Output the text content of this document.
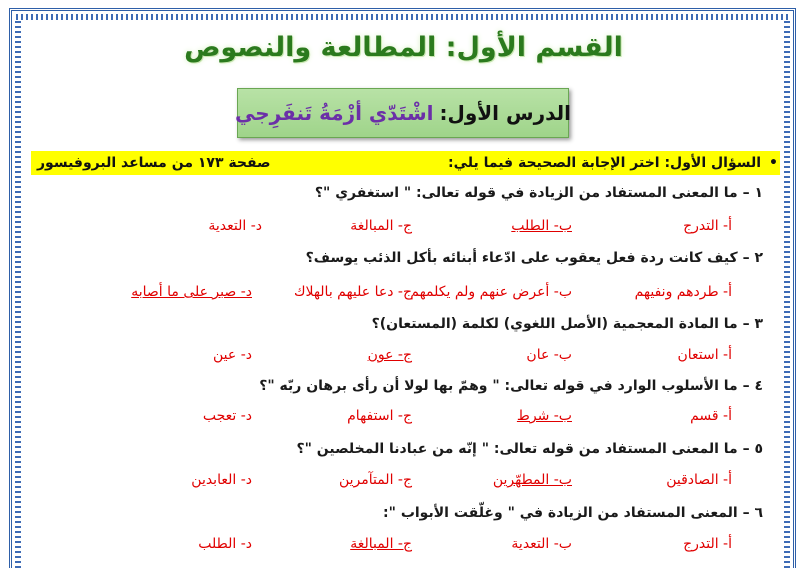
القسم الأول: المطالعة والنصوص
الدرس الأول:
اشْتَدّي أزْمَةُ تَنفَرِجي
•
السؤال الأول: اختر الإجابة الصحيحة فيما يلي:
صفحة ١٧٣ من مساعد البروفيسور
١ – ما المعنى المستفاد من الزيادة في قوله تعالى: " استغفري "؟
أ- التدرج
ب- الطلب
ج- المبالغة
د- التعدية
٢ – كيف كانت ردة فعل يعقوب على ادّعاء أبنائه بأكل الذئب يوسف؟
أ- طردهم ونفيهم
ب- أعرض عنهم ولم يكلمهم
ج- دعا عليهم بالهلاك
د- صبر على ما أصابه
٣ – ما المادة المعجمية (الأصل اللغوي) لكلمة (المستعان)؟
أ- استعان
ب- عان
ج- عون
د- عين
٤ – ما الأسلوب الوارد في قوله تعالى: " وهمّ بها لولا أن رأى برهان ربّه "؟
أ- قسم
ب- شرط
ج- استفهام
د- تعجب
٥ – ما المعنى المستفاد من قوله تعالى: " إنّه من عبادنا المخلصين "؟
أ- الصادقين
ب- المطهّرين
ج- المتآمرين
د- العابدين
٦ – المعنى المستفاد من الزيادة في " وغلّقت الأبواب ":
أ- التدرج
ب- التعدية
ج- المبالغة
د- الطلب
